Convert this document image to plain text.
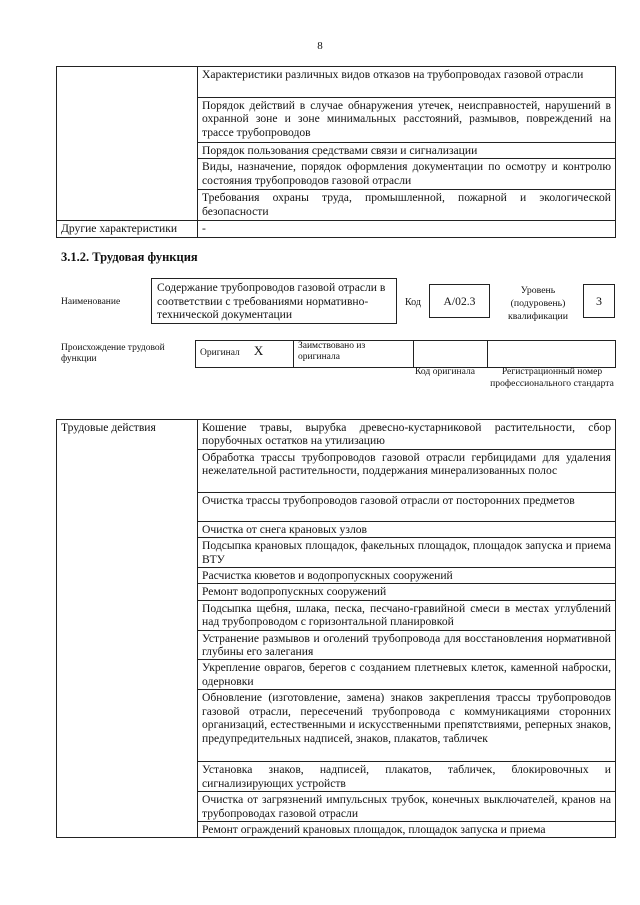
8
	Характеристики различных видов отказов на трубопроводах газовой отрасли
	Порядок действий в случае обнаружения утечек, неисправностей, нарушений в охранной зоне и зоне минимальных расстояний, размывов, повреждений на трассе трубопроводов
	Порядок пользования средствами связи и сигнализации
	Виды, назначение, порядок оформления документации по осмотру и контролю состояния трубопроводов газовой отрасли
	Требования охраны труда, промышленной, пожарной и экологической безопасности
Другие характеристики	-
3.1.2. Трудовая функция
Наименование
Содержание трубопроводов газовой отрасли в соответствии с требованиями нормативно-технической документации
Код А/02.3
Уровень (подуровень) квалификации
3
Происхождение трудовой функции
Оригинал X	Заимствовано из оригинала		
Код оригинала	Регистрационный номер профессионального стандарта
Трудовые действия	Кошение травы, вырубка древесно-кустарниковой растительности, сбор порубочных остатков на утилизацию
Обработка трассы трубопроводов газовой отрасли гербицидами для удаления нежелательной растительности, поддержания минерализованных полос
Очистка трассы трубопроводов газовой отрасли от посторонних предметов
Очистка от снега крановых узлов
Подсыпка крановых площадок, факельных площадок, площадок запуска и приема ВТУ
Расчистка кюветов и водопропускных сооружений
Ремонт водопропускных сооружений
Подсыпка щебня, шлака, песка, песчано-гравийной смеси в местах углублений над трубопроводом с горизонтальной планировкой
Устранение размывов и оголений трубопровода для восстановления нормативной глубины его залегания
Укрепление оврагов, берегов с созданием плетневых клеток, каменной наброски, одерновки
Обновление (изготовление, замена) знаков закрепления трассы трубопроводов газовой отрасли, пересечений трубопровода с коммуникациями сторонних организаций, естественными и искусственными препятствиями, реперных знаков, предупредительных надписей, знаков, плакатов, табличек
Установка знаков, надписей, плакатов, табличек, блокировочных и сигнализирующих устройств
Очистка от загрязнений импульсных трубок, конечных выключателей, кранов на трубопроводах газовой отрасли
Ремонт ограждений крановых площадок, площадок запуска и приема
